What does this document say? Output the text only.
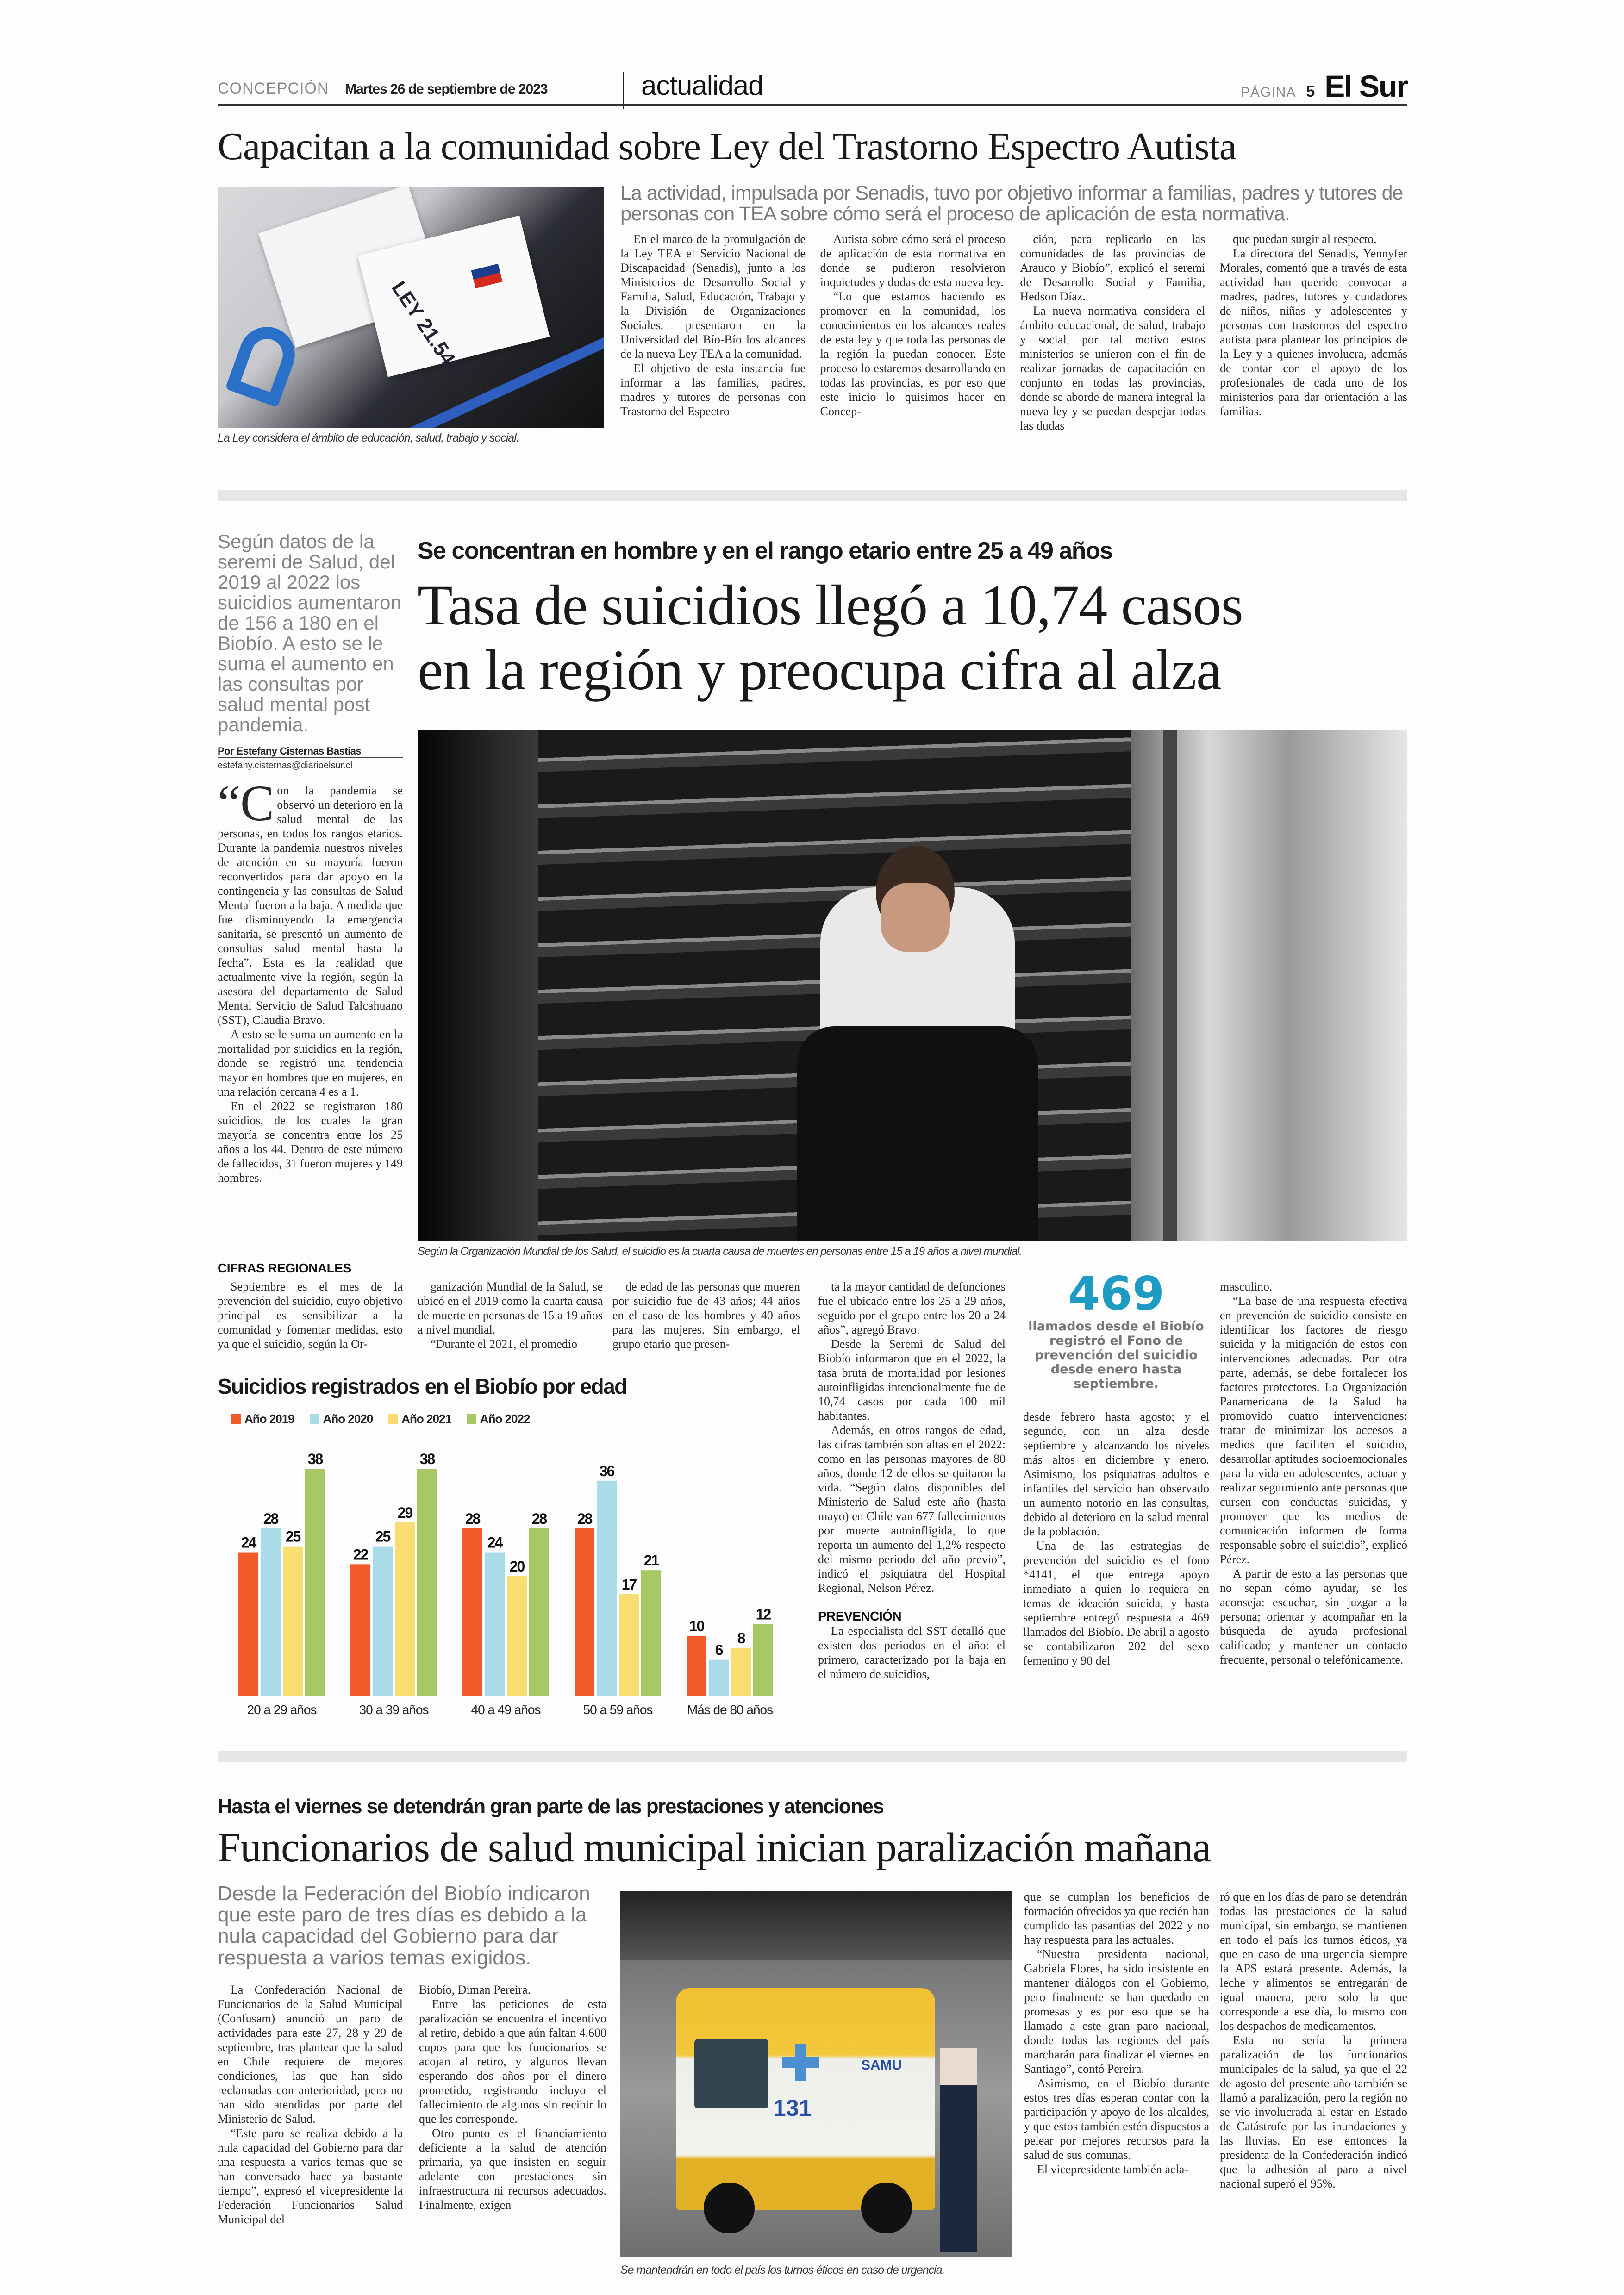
CONCEPCIÓN Martes 26 de septiembre de 2023	actualidad	PÁGINA 5 El Sur
Capacitan a la comunidad sobre Ley del Trastorno Espectro Autista
LEY 21.545
La Ley considera el ámbito de educación, salud, trabajo y social.
La actividad, impulsada por Senadis, tuvo por objetivo informar a familias, padres y tutores de personas con TEA sobre cómo será el proceso de aplicación de esta normativa.

En el marco de la promulgación de la Ley TEA el Servicio Nacional de Discapacidad (Senadis), junto a los Ministerios de Desarrollo Social y Familia, Salud, Educación, Trabajo y la División de Organizaciones Sociales, presentaron en la Universidad del Bío-Bío los alcances de la nueva Ley TEA a la comunidad.

El objetivo de esta instancia fue informar a las familias, padres, madres y tutores de personas con Trastorno del Espectro

Autista sobre cómo será el proceso de aplicación de esta normativa en donde se pudieron resolvieron inquietudes y dudas de esta nueva ley.

“Lo que estamos haciendo es promover en la comunidad, los conocimientos en los alcances reales de esta ley y que toda las personas de la región la puedan conocer. Este proceso lo estaremos desarrollando en todas las provincias, es por eso que este inicio lo quisimos hacer en Concep-

ción, para replicarlo en las comunidades de las provincias de Arauco y Biobío”, explicó el seremi de Desarrollo Social y Familia, Hedson Díaz.

La nueva normativa considera el ámbito educacional, de salud, trabajo y social, por tal motivo estos ministerios se unieron con el fin de realizar jornadas de capacitación en conjunto en todas las provincias, donde se aborde de manera integral la nueva ley y se puedan despejar todas las dudas

que puedan surgir al respecto.

La directora del Senadis, Yennyfer Morales, comentó que a través de esta actividad han querido convocar a madres, padres, tutores y cuidadores de niños, niñas y adolescentes y personas con trastornos del espectro autista para plantear los principios de la Ley y a quienes involucra, además de contar con el apoyo de los profesionales de cada uno de los ministerios para dar orientación a las familias.

Según datos de la seremi de Salud, del 2019 al 2022 los suicidios aumentaron de 156 a 180 en el Biobío. A esto se le suma el aumento en las consultas por salud mental post pandemia.
Por Estefany Cisternas Bastias
estefany.cisternas@diarioelsur.cl
“C on la pandemia se observó un deterioro en la salud mental de las personas, en todos los rangos etarios. Durante la pandemia nuestros niveles de atención en su mayoría fueron reconvertidos para dar apoyo en la contingencia y las consultas de Salud Mental fueron a la baja. A medida que fue disminuyendo la emergencia sanitaria, se presentó un aumento de consultas salud mental hasta la fecha”. Esta es la realidad que actualmente vive la región, según la asesora del departamento de Salud Mental Servicio de Salud Talcahuano (SST), Claudia Bravo.

A esto se le suma un aumento en la mortalidad por suicidios en la región, donde se registró una tendencia mayor en hombres que en mujeres, en una relación cercana 4 es a 1.

En el 2022 se registraron 180 suicidios, de los cuales la gran mayoría se concentra entre los 25 años a los 44. Dentro de este número de fallecidos, 31 fueron mujeres y 149 hombres.

Se concentran en hombre y en el rango etario entre 25 a 49 años
Tasa de suicidios llegó a 10,74 casos
en la región y preocupa cifra al alza
Según la Organización Mundial de los Salud, el suicidio es la cuarta causa de muertes en personas entre 15 a 19 años a nivel mundial.
CIFRAS REGIONALES

Septiembre es el mes de la prevención del suicidio, cuyo objetivo principal es sensibilizar a la comunidad y fomentar medidas, esto ya que el suicidio, según la Or-

ganización Mundial de la Salud, se ubicó en el 2019 como la cuarta causa de muerte en personas de 15 a 19 años a nivel mundial.

“Durante el 2021, el promedio

de edad de las personas que mueren por suicidio fue de 43 años; 44 años en el caso de los hombres y 40 años para las mujeres. Sin embargo, el grupo etario que presen-

Suicidios registrados en el Biobío por edad
Año 2019	Año 2020	Año 2021	Año 2022
24
28
25
38
20 a 29 años
22
25
29
38
30 a 39 años
28
24
20
28
40 a 49 años
28
36
17
21
50 a 59 años
10
6
8
12
Más de 80 años

ta la mayor cantidad de defunciones fue el ubicado entre los 25 a 29 años, seguido por el grupo entre los 20 a 24 años”, agregó Bravo.

Desde la Seremi de Salud del Biobío informaron que en el 2022, la tasa bruta de mortalidad por lesiones autoinfligidas intencionalmente fue de 10,74 casos por cada 100 mil habitantes.

Además, en otros rangos de edad, las cifras también son altas en el 2022: como en las personas mayores de 80 años, donde 12 de ellos se quitaron la vida. “Según datos disponibles del Ministerio de Salud este año (hasta mayo) en Chile van 677 fallecimientos por muerte autoinfligida, lo que reporta un aumento del 1,2% respecto del mismo periodo del año previo”, indicó el psiquiatra del Hospital Regional, Nelson Pérez.

PREVENCIÓN

La especialista del SST detalló que existen dos periodos en el año: el primero, caracterizado por la baja en el número de suicidios,

469
llamados desde el Biobío registró el Fono de prevención del suicidio desde enero hasta septiembre.

desde febrero hasta agosto; y el segundo, con un alza desde septiembre y alcanzando los niveles más altos en diciembre y enero. Asimismo, los psiquiatras adultos e infantiles del servicio han observado un aumento notorio en las consultas, debido al deterioro en la salud mental de la población.

Una de las estrategias de prevención del suicidio es el fono *4141, el que entrega apoyo inmediato a quien lo requiera en temas de ideación suicida, y hasta septiembre entregó respuesta a 469 llamados del Biobío. De abril a agosto se contabilizaron 202 del sexo femenino y 90 del

masculino.

“La base de una respuesta efectiva en prevención de suicidio consiste en identificar los factores de riesgo suicida y la mitigación de estos con intervenciones adecuadas. Por otra parte, además, se debe fortalecer los factores protectores. La Organización Panamericana de la Salud ha promovido cuatro intervenciones: tratar de minimizar los accesos a medios que faciliten el suicidio, desarrollar aptitudes socioemocionales para la vida en adolescentes, actuar y realizar seguimiento ante personas que cursen con conductas suicidas, y promover que los medios de comunicación informen de forma responsable sobre el suicidio”, explicó Pérez.

A partir de esto a las personas que no sepan cómo ayudar, se les aconseja: escuchar, sin juzgar a la persona; orientar y acompañar en la búsqueda de ayuda profesional calificado; y mantener un contacto frecuente, personal o telefónicamente.

Hasta el viernes se detendrán gran parte de las prestaciones y atenciones
Funcionarios de salud municipal inician paralización mañana
Desde la Federación del Biobío indicaron que este paro de tres días es debido a la nula capacidad del Gobierno para dar respuesta a varios temas exigidos.

La Confederación Nacional de Funcionarios de la Salud Municipal (Confusam) anunció un paro de actividades para este 27, 28 y 29 de septiembre, tras plantear que la salud en Chile requiere de mejores condiciones, las que han sido reclamadas con anterioridad, pero no han sido atendidas por parte del Ministerio de Salud.

“Este paro se realiza debido a la nula capacidad del Gobierno para dar una respuesta a varios temas que se han conversado hace ya bastante tiempo”, expresó el vicepresidente la Federación Funcionarios Salud Municipal del

Biobío, Diman Pereira.

Entre las peticiones de esta paralización se encuentra el incentivo al retiro, debido a que aún faltan 4.600 cupos para que los funcionarios se acojan al retiro, y algunos llevan esperando dos años por el dinero prometido, registrando incluyo el fallecimiento de algunos sin recibir lo que les corresponde.

Otro punto es el financiamiento deficiente a la salud de atención primaria, ya que insisten en seguir adelante con prestaciones sin infraestructura ni recursos adecuados. Finalmente, exigen

131
SAMU
Se mantendrán en todo el país los turnos éticos en caso de urgencia.

que se cumplan los beneficios de formación ofrecidos ya que recién han cumplido las pasantías del 2022 y no hay respuesta para las actuales.

“Nuestra presidenta nacional, Gabriela Flores, ha sido insistente en mantener diálogos con el Gobierno, pero finalmente se han quedado en promesas y es por eso que se ha llamado a este gran paro nacional, donde todas las regiones del país marcharán para finalizar el viernes en Santiago”, contó Pereira.

Asimismo, en el Biobío durante estos tres días esperan contar con la participación y apoyo de los alcaldes, y que estos también estén dispuestos a pelear por mejores recursos para la salud de sus comunas.

El vicepresidente también acla-

ró que en los días de paro se detendrán todas las prestaciones de la salud municipal, sin embargo, se mantienen en todo el país los turnos éticos, ya que en caso de una urgencia siempre la APS estará presente. Además, la leche y alimentos se entregarán de igual manera, pero solo la que corresponde a ese día, lo mismo con los despachos de medicamentos.

Esta no sería la primera paralización de los funcionarios municipales de la salud, ya que el 22 de agosto del presente año también se llamó a paralización, pero la región no se vio involucrada al estar en Estado de Catástrofe por las inundaciones y las lluvias. En ese entonces la presidenta de la Confederación indicó que la adhesión al paro a nivel nacional superó el 95%.
